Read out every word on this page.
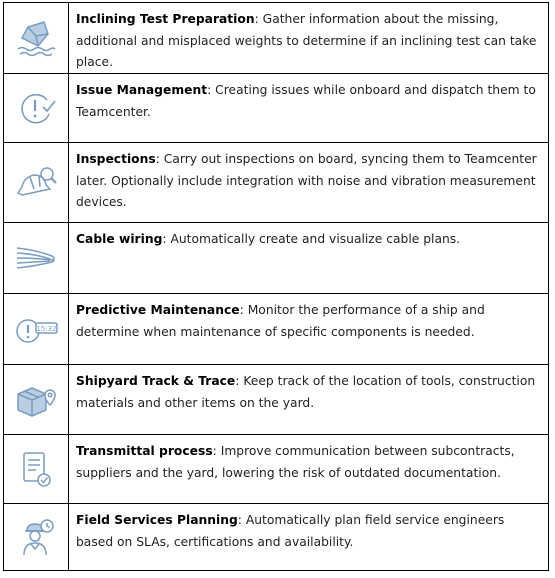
Inclining Test Preparation: Gather information about the missing, additional and misplaced weights to determine if an inclining test can take place.
Issue Management: Creating issues while onboard and dispatch them to Teamcenter.
Inspections: Carry out inspections on board, syncing them to Teamcenter later. Optionally include integration with noise and vibration measurement devices.
Cable wiring: Automatically create and visualize cable plans.
15:32
Predictive Maintenance: Monitor the performance of a ship and determine when maintenance of specific components is needed.
Shipyard Track & Trace: Keep track of the location of tools, construction materials and other items on the yard.
Transmittal process: Improve communication between subcontracts, suppliers and the yard, lowering the risk of outdated documentation.
Field Services Planning: Automatically plan field service engineers based on SLAs, certifications and availability.
